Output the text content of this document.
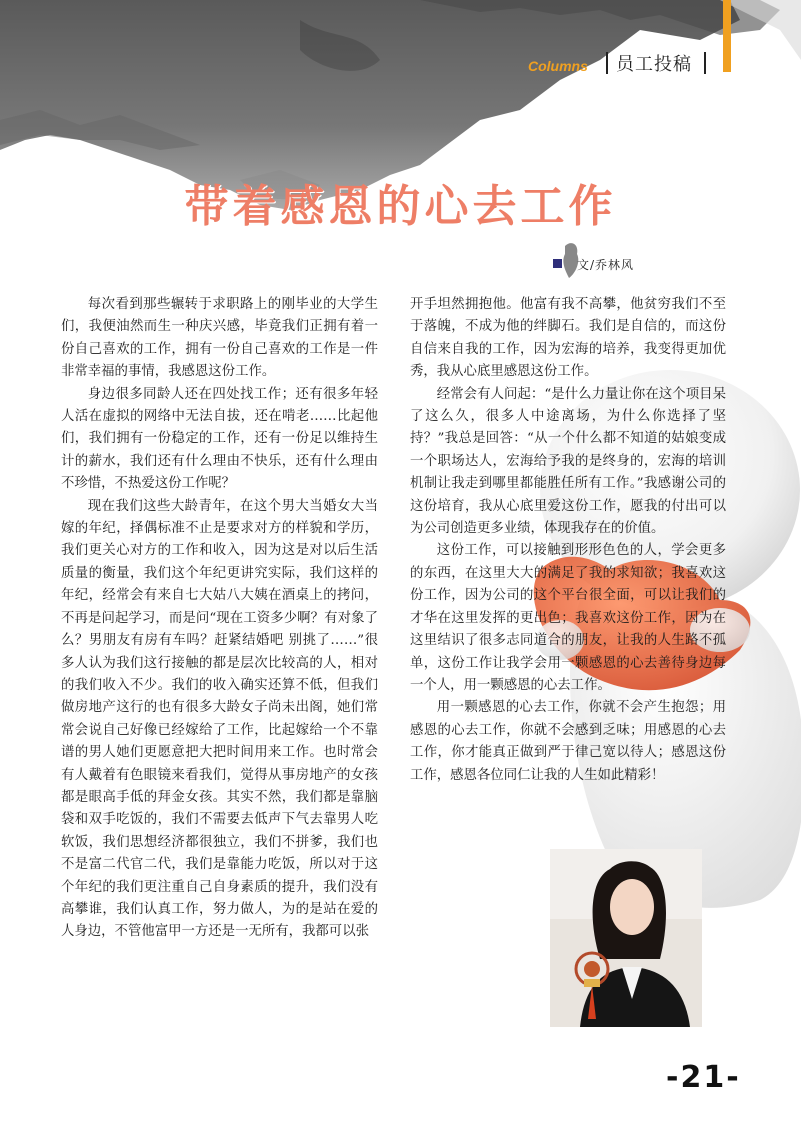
Columns 员工投稿
带着感恩的心去工作
文/乔林风

每次看到那些辗转于求职路上的刚毕业的大学生们，我便油然而生一种庆兴感，毕竟我们正拥有着一份自己喜欢的工作，拥有一份自己喜欢的工作是一件非常幸福的事情，我感恩这份工作。

身边很多同龄人还在四处找工作；还有很多年轻人活在虚拟的网络中无法自拔，还在啃老……比起他们，我们拥有一份稳定的工作，还有一份足以维持生计的薪水，我们还有什么理由不快乐，还有什么理由不珍惜，不热爱这份工作呢？

现在我们这些大龄青年，在这个男大当婚女大当嫁的年纪，择偶标准不止是要求对方的样貌和学历，我们更关心对方的工作和收入，因为这是对以后生活质量的衡量，我们这个年纪更讲究实际，我们这样的年纪，经常会有来自七大姑八大姨在酒桌上的拷问，不再是问起学习，而是问“现在工资多少啊？有对象了么？男朋友有房有车吗？赶紧结婚吧 别挑了……”很多人认为我们这行接触的都是层次比较高的人，相对的我们收入不少。我们的收入确实还算不低，但我们做房地产这行的也有很多大龄女子尚未出阁，她们常常会说自己好像已经嫁给了工作，比起嫁给一个不靠谱的男人她们更愿意把大把时间用来工作。也时常会有人戴着有色眼镜来看我们，觉得从事房地产的女孩都是眼高手低的拜金女孩。其实不然，我们都是靠脑袋和双手吃饭的，我们不需要去低声下气去靠男人吃软饭，我们思想经济都很独立，我们不拼爹，我们也不是富二代官二代，我们是靠能力吃饭，所以对于这个年纪的我们更注重自己自身素质的提升，我们没有高攀谁，我们认真工作，努力做人，为的是站在爱的人身边，不管他富甲一方还是一无所有，我都可以张

开手坦然拥抱他。他富有我不高攀，他贫穷我们不至于落魄，不成为他的绊脚石。我们是自信的，而这份自信来自我的工作，因为宏海的培养，我变得更加优秀，我从心底里感恩这份工作。

经常会有人问起：“是什么力量让你在这个项目呆了这么久，很多人中途离场，为什么你选择了坚持？”我总是回答：“从一个什么都不知道的姑娘变成一个职场达人，宏海给予我的是终身的，宏海的培训机制让我走到哪里都能胜任所有工作。”我感谢公司的这份培育，我从心底里爱这份工作，愿我的付出可以为公司创造更多业绩，体现我存在的价值。

这份工作，可以接触到形形色色的人，学会更多的东西，在这里大大的满足了我的求知欲；我喜欢这份工作，因为公司的这个平台很全面，可以让我们的才华在这里发挥的更出色；我喜欢这份工作，因为在这里结识了很多志同道合的朋友，让我的人生路不孤单，这份工作让我学会用一颗感恩的心去善待身边每一个人，用一颗感恩的心去工作。

用一颗感恩的心去工作，你就不会产生抱怨；用感恩的心去工作，你就不会感到乏味；用感恩的心去工作，你才能真正做到严于律己宽以待人；感恩这份工作，感恩各位同仁让我的人生如此精彩！

-21-
